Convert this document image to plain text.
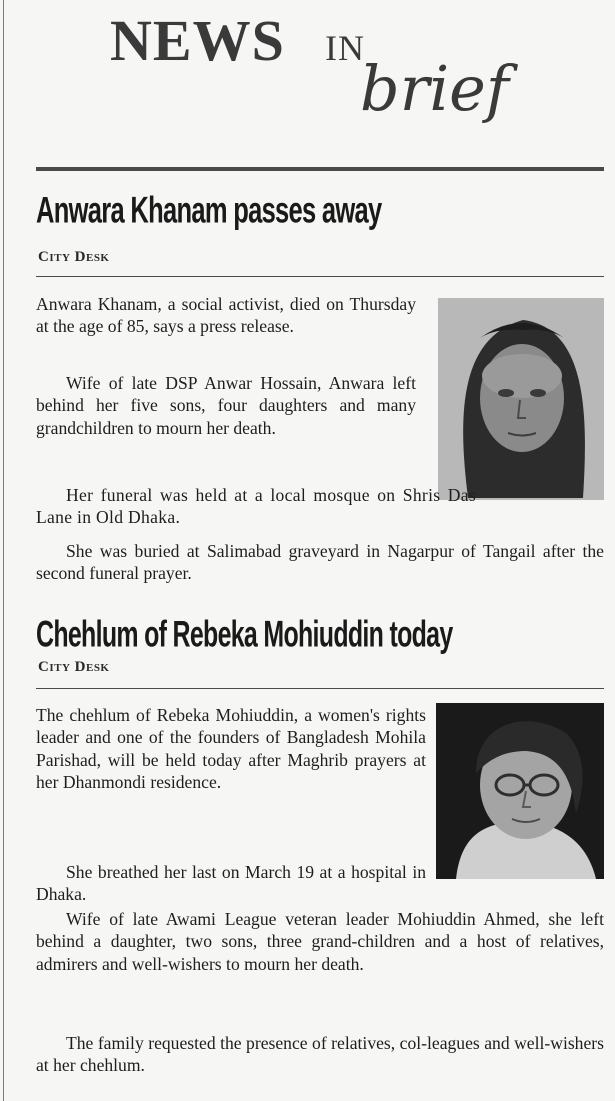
NEWS IN
brief
Anwara Khanam passes away
City Desk

Anwara Khanam, a social activist, died on Thursday at the age of 85, says a press release.

Wife of late DSP Anwar Hossain, Anwara left behind her five sons, four daughters and many grandchildren to mourn her death.

Her funeral was held at a local mosque on Shris Das Lane in Old Dhaka.

She was buried at Salimabad graveyard in Nagarpur of Tangail after the second funeral prayer.

Chehlum of Rebeka Mohiuddin today
City Desk

The chehlum of Rebeka Mohiuddin, a women's rights leader and one of the founders of Bangladesh Mohila Parishad, will be held today after Maghrib prayers at her Dhanmondi residence.

She breathed her last on March 19 at a hospital in Dhaka.

Wife of late Awami League veteran leader Mohiuddin Ahmed, she left behind a daughter, two sons, three grand-children and a host of relatives, admirers and well-wishers to mourn her death.

The family requested the presence of relatives, col-leagues and well-wishers at her chehlum.
